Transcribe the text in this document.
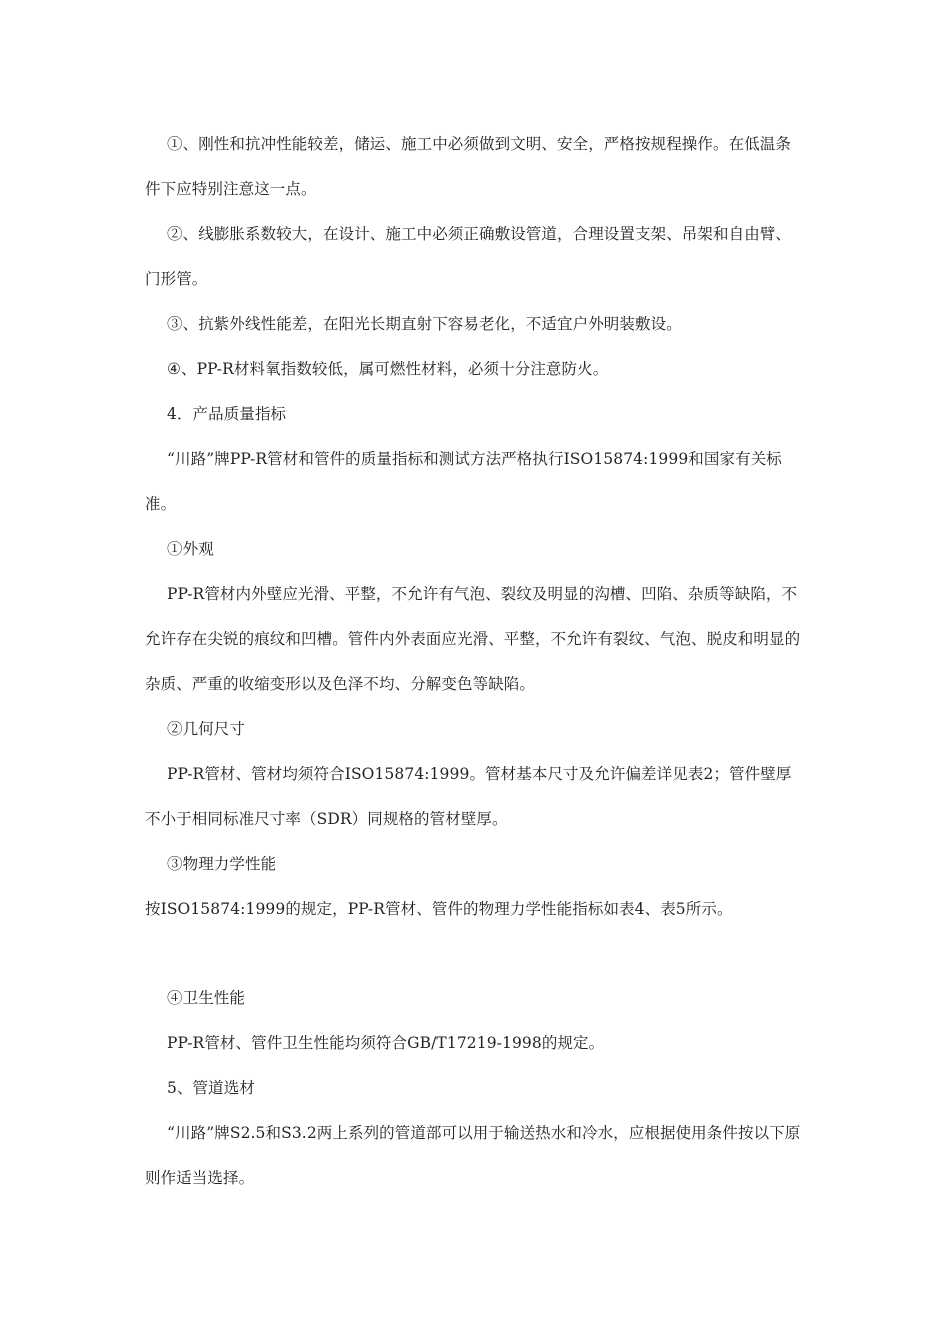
①、刚性和抗冲性能较差，储运、施工中必须做到文明、安全，严格按规程操作。在低温条件下应特别注意这一点。

②、线膨胀系数较大，在设计、施工中必须正确敷设管道，合理设置支架、吊架和自由臂、门形管。

③、抗紫外线性能差，在阳光长期直射下容易老化，不适宜户外明装敷设。

④、PP-R材料氧指数较低，属可燃性材料，必须十分注意防火。

4．产品质量指标

“川路”牌PP-R管材和管件的质量指标和测试方法严格执行ISO15874:1999和国家有关标准。

①外观

PP-R管材内外壁应光滑、平整，不允许有气泡、裂纹及明显的沟槽、凹陷、杂质等缺陷，不允许存在尖锐的痕纹和凹槽。管件内外表面应光滑、平整，不允许有裂纹、气泡、脱皮和明显的杂质、严重的收缩变形以及色泽不均、分解变色等缺陷。

②几何尺寸

PP-R管材、管材均须符合ISO15874:1999。管材基本尺寸及允许偏差详见表2；管件壁厚不小于相同标准尺寸率（SDR）同规格的管材壁厚。

③物理力学性能

按ISO15874:1999的规定，PP-R管材、管件的物理力学性能指标如表4、表5所示。

④卫生性能

PP-R管材、管件卫生性能均须符合GB/T17219-1998的规定。

5、管道选材

“川路”牌S2.5和S3.2两上系列的管道部可以用于输送热水和冷水，应根据使用条件按以下原则作适当选择。
